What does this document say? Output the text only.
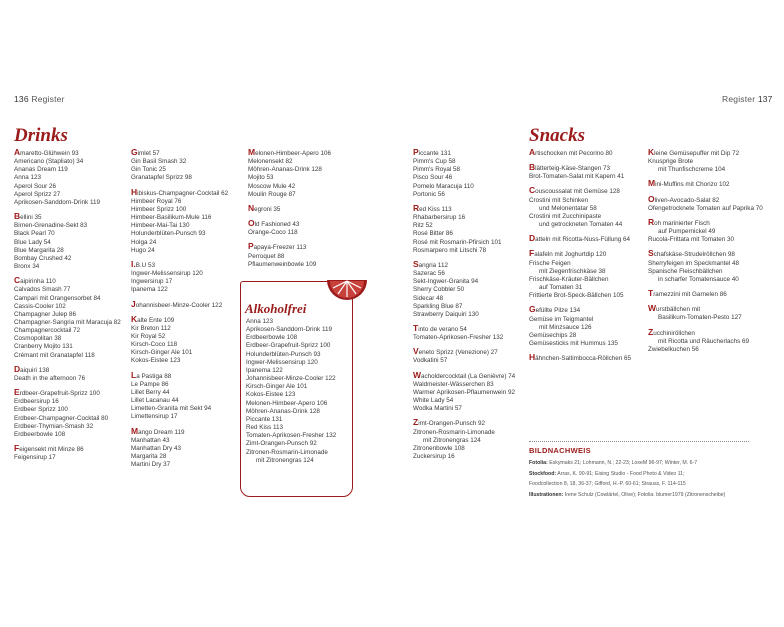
136 Register	Register 137
Drinks	Snacks
Amaretto-Glühwein 93
Americano (Stapliato) 34
Ananas Dream 119
Anna 123
Aperol Sour 26
Aperol Sprizz 27
Aprikosen-Sanddorn-Drink 119
Bellini 35
Birnen-Grenadine-Sekt 83
Black Pearl 70
Blue Lady 54
Blue Margarita 28
Bombay Crushed 42
Bronx 34
Caipirinha 110
Calvados Smash 77
Campari mit Orangensorbet 84
Cassis-Cooler 102
Champagner Julep 86
Champagner-Sangria mit Maracuja 82
Champagnercocktail 72
Cosmopolitan 38
Cranberry Mojito 131
Crémant mit Granatapfel 118
Daiquiri 138
Death in the afternoon 76
Erdbeer-Grapefruit-Sprizz 100
Erdbeersirup 16
Erdbeer Sprizz 100
Erdbeer-Champagner-Cocktail 80
Erdbeer-Thymian-Smash 32
Erdbeerbowle 108
Feigensekt mit Minze 86
Feigensirup 17
Gimlet 57
Gin Basil Smash 32
Gin Tonic 25
Granatapfel Sprizz 98
Hibiskus-Champagner-Cocktail 62
Himbeer Royal 76
Himbeer Sprizz 100
Himbeer-Basilikum-Mule 116
Himbeer-Mai-Tai 130
Holunderblüten-Punsch 93
Holga 24
Hugo 24
I.B.U 53
Ingwer-Melissensirup 120
Ingwersirup 17
Ipanema 122
Johannisbeer-Minze-Cooler 122
Kalte Ente 109
Kir Breton 112
Kir Royal 52
Kirsch-Coco 118
Kirsch-Ginger Ale 101
Kokos-Eistee 123
La Pastiga 88
Le Pampe 86
Lillet Berry 44
Lillet Lacanau 44
Limetten-Granita mit Sekt 94
Limettensirup 17
Mango Dream 119
Manhattan 43
Manhattan Dry 43
Margarita 28
Martini Dry 37
Melonen-Himbeer-Apero 106
Melonensekt 82
Möhren-Ananas-Drink 128
Mojito 53
Moscow Mule 42
Moulin Rouge 87
Negroni 35
Old Fashioned 43
Orange-Coco 118
Papaya-Freezer 113
Perroquet 88
Pflaumenweinbowle 109
Piccante 131
Pimm's Cup 58
Pimm's Royal 58
Pisco Sour 46
Pomelo Maracuja 110
Portonic 56
Red Kiss 113
Rhabarbersirup 16
Ritz 52
Rosé Bitter 86
Rosé mit Rosmarin-Pfirsich 101
Rosmarpero mit Litschi 78
Sangria 112
Sazerac 56
Sekt-Ingwer-Granita 94
Sherry Cobbler 50
Sidecar 48
Sparkling Blue 87
Strawberry Daiquiri 130
Tinto de verano 54
Tomaten-Aprikosen-Fresher 132
Veneto Sprizz (Venezione) 27
Vodkatini 57
Wacholdercocktail (La Genièvre) 74
Waldmeister-Wässerchen 83
Warmer Aprikosen-Pflaumenwein 92
White Lady 54
Wodka Martini 57
Zimt-Orangen-Punsch 92
Zitronen-Rosmarin-Limonade
mit Zitronengras 124
Zitronenbowle 108
Zuckersirup 16
Artischocken mit Pecorino 80
Blätterteig-Käse-Stangen 73
Brot-Tomaten-Salat mit Kapern 41
Couscoussalat mit Gemüse 128
Crostini mit Schinken
und Melonentatar 58
Crostini mit Zucchinipaste
und getrockneten Tomaten 44
Datteln mit Ricotta-Nuss-Füllung 64
Falafeln mit Joghurtdip 120
Frische Feigen
mit Ziegenfrischkäse 38
Frischkäse-Kräuter-Bällchen
auf Tomaten 31
Frittierte Brot-Speck-Bällchen 105
Gefüllte Pilze 134
Gemüse im Teigmantel
mit Minzsauce 126
Gemüsechips 28
Gemüsesticks mit Hummus 135
Hähnchen-Saltimbocca-Röllchen 65
Kleine Gemüsepuffer mit Dip 72
Knusprige Brote
mit Thunfischcreme 104
Mini-Muffins mit Chorizo 102
Oliven-Avocado-Salat 82
Ofengetrocknete Tomaten auf Paprika 70
Roh marinierter Fisch
auf Pumpernickel 49
Rucola-Frittata mit Tomaten 30
Schafskäse-Strudelröllchen 98
Sherryfeigen im Speckmantel 48
Spanische Fleischbällchen
in scharfer Tomatensauce 40
Tramezzini mit Garnelen 86
Wurstbällchen mit
Basilikum-Tomaten-Pesto 127
Zucchiniröllchen
mit Ricotta und Räucherlachs 69
Zwiebelkuchen 56
Alkoholfrei
Anna 123
Aprikosen-Sanddorn-Drink 119
Erdbeerbowle 108
Erdbeer-Grapefruit-Sprizz 100
Holunderblüten-Punsch 93
Ingwer-Melissensirup 120
Ipanema 122
Johannisbeer-Minze-Cooler 122
Kirsch-Ginger Ale 101
Kokos-Eistee 123
Melonen-Himbeer-Apero 106
Möhren-Ananas-Drink 128
Piccante 131
Red Kiss 113
Tomaten-Aprikosen-Fresher 132
Zimt-Orangen-Punsch 92
Zitronen-Rosmarin-Limonade
mit Zitronengras 124
BILDNACHWEIS

Fotolia: Eskymaks 21; Lohmann, N.; 22-23; LoxeM 96-97; Winter, M. 6-7

Stockfood: Arras, K. 90-91; Eising Studio - Food Photo & Video 11;

Foodcollection 8, 18, 36-37; Gifford, H.-P. 60-61; Strauss, F. 114-115

Illustrationen: Irene Schulz (Cowlärtel, Olive); Fotolia: blumer1979 (Zitronenscheibe)
